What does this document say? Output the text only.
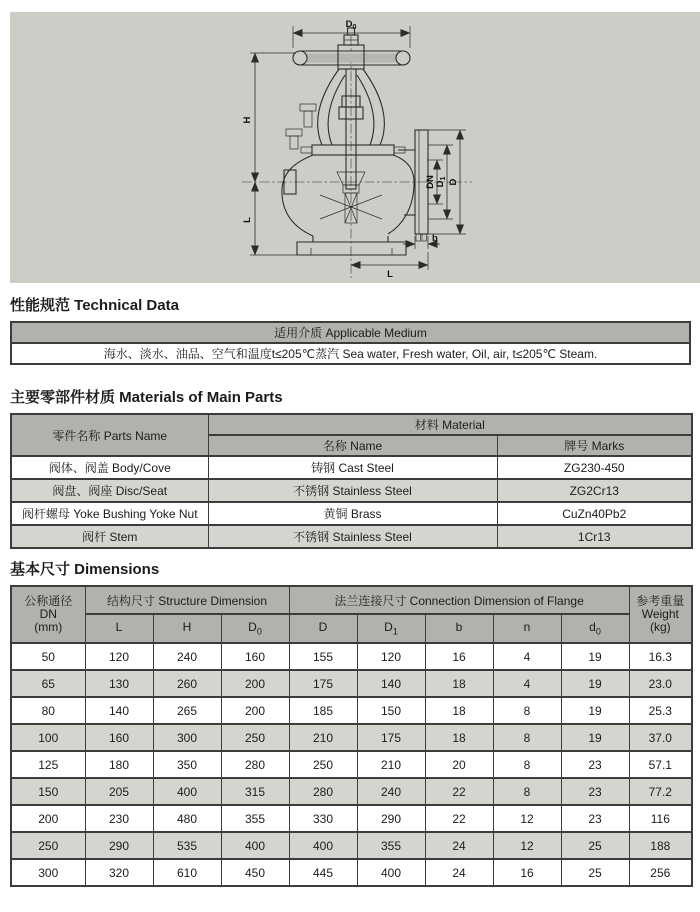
$D_0$
H
L
DN $D_1$ D
b
L
性能规范 Technical Data
适用介质 Applicable Medium
海水、淡水、油品、空气和温度t≤205℃蒸汽 Sea water, Fresh water, Oil, air, t≤205℃ Steam.
主要零部件材质 Materials of Main Parts
零件名称 Parts Name	材料 Material	
	名称 Name	牌号 Marks
阀体、阀盖 Body/Cove	铸钢 Cast Steel	ZG230-450
阀盘、阀座 Disc/Seat	不锈钢 Stainless Steel	ZG2Cr13
阀杆螺母 Yoke Bushing Yoke Nut	黄铜 Brass	CuZn40Pb2
阀杆 Stem	不锈钢 Stainless Steel	1Cr13
基本尺寸 Dimensions
公称通径
DN
(mm)
	结构尺寸 Structure Dimension	法兰连接尺寸 Connection Dimension of Flange	参考重量
Weight
(kg)

	L	H	$D_0$	D	$D_1$	b	n	$d_0$
50	120	240	160	155	120	16	4	19	16.3
65	130	260	200	175	140	18	4	19	23.0
80	140	265	200	185	150	18	8	19	25.3
100	160	300	250	210	175	18	8	19	37.0
125	180	350	280	250	210	20	8	23	57.1
150	205	400	315	280	240	22	8	23	77.2
200	230	480	355	330	290	22	12	23	116
250	290	535	400	400	355	24	12	25	188
300	320	610	450	445	400	24	16	25	256
